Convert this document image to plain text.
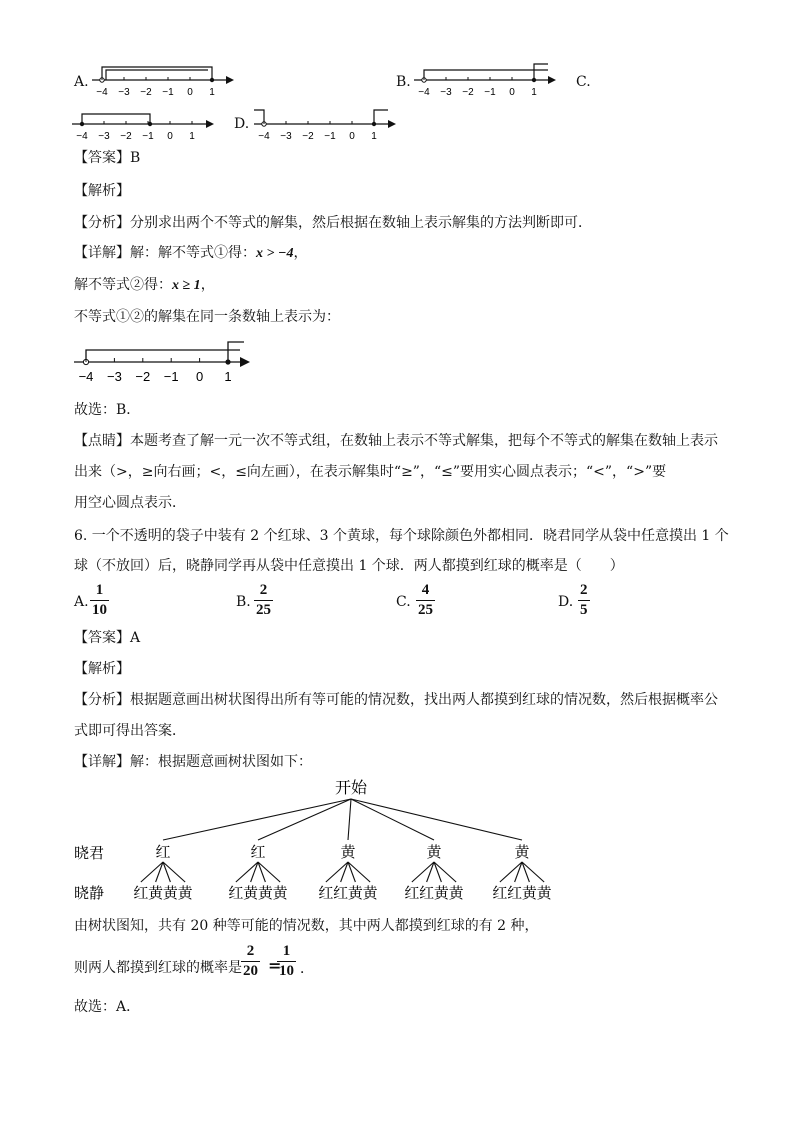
A.
−4 −3 −2 −1 0 1
B.
−4 −3 −2 −1 0 1
C.
−4 −3 −2 −1 0 1
D.
−4 −3 −2 −1 0 1
【答案】B
【解析】
【分析】分别求出两个不等式的解集，然后根据在数轴上表示解集的方法判断即可．
【详解】解：解不等式①得：x > −4，
解不等式②得：x ≥ 1，
不等式①②的解集在同一条数轴上表示为：
−4 −3 −2 −1 0 1
故选：B．
【点睛】本题考查了解一元一次不等式组，在数轴上表示不等式解集，把每个不等式的解集在数轴上表示
出来（>，≥向右画；<，≤向左画），在表示解集时“≥”，“≤”要用实心圆点表示；“<”，“>”要
用空心圆点表示．
6. 一个不透明的袋子中装有 2 个红球、3 个黄球，每个球除颜色外都相同．晓君同学从袋中任意摸出 1 个
球（不放回）后，晓静同学再从袋中任意摸出 1 个球．两人都摸到红球的概率是（　　）
A.
1
10	B.
2
25	C.
4
25	D.
2
5
【答案】A
【解析】
【分析】根据题意画出树状图得出所有等可能的情况数，找出两人都摸到红球的情况数，然后根据概率公
式即可得出答案．
【详解】解：根据题意画树状图如下：
开始
晓君
晓静
红
红 黄 黄 黄
红
红 黄 黄 黄
黄
红 红 黄 黄
黄
红 红 黄 黄
黄
红 红 黄 黄
由树状图知，共有 20 种等可能的情况数，其中两人都摸到红球的有 2 种，
则两人都摸到红球的概率是
2
20 =
1
10 ．
故选：A．
